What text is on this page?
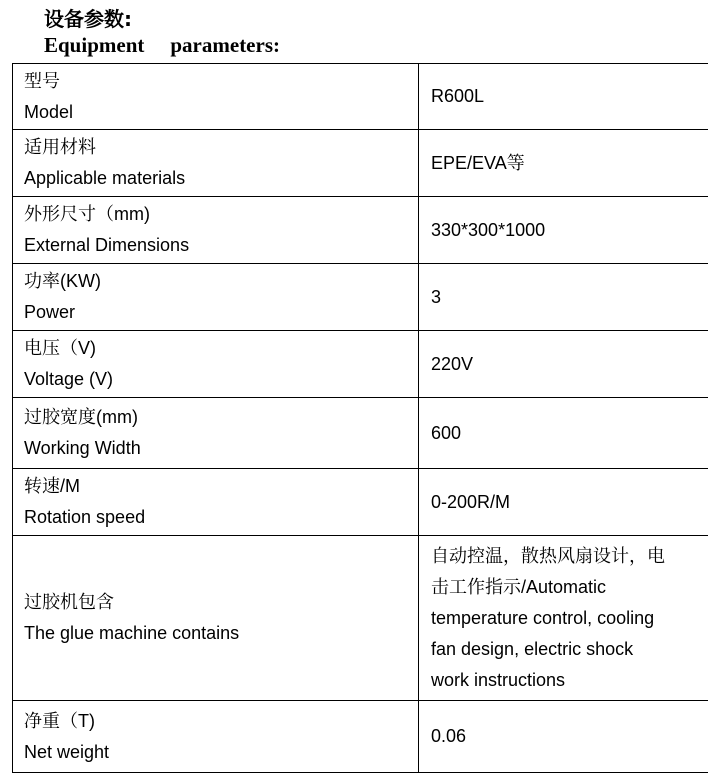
设备参数:
Equipment parameters:
型号
Model	R600L

适用材料
Applicable materials	EPE/EVA等

外形尺寸（mm)
External Dimensions	330*300*1000

功率(KW)
Power	3

电压（V)
Voltage (V)	220V

过胶宽度(mm)
Working Width	600

转速/M
Rotation speed	0-200R/M

过胶机包含
The glue machine contains	自动控温，散热风扇设计，电
击工作指示/Automatic
temperature control, cooling
fan design, electric shock
work instructions

净重（T)
Net weight	0.06
